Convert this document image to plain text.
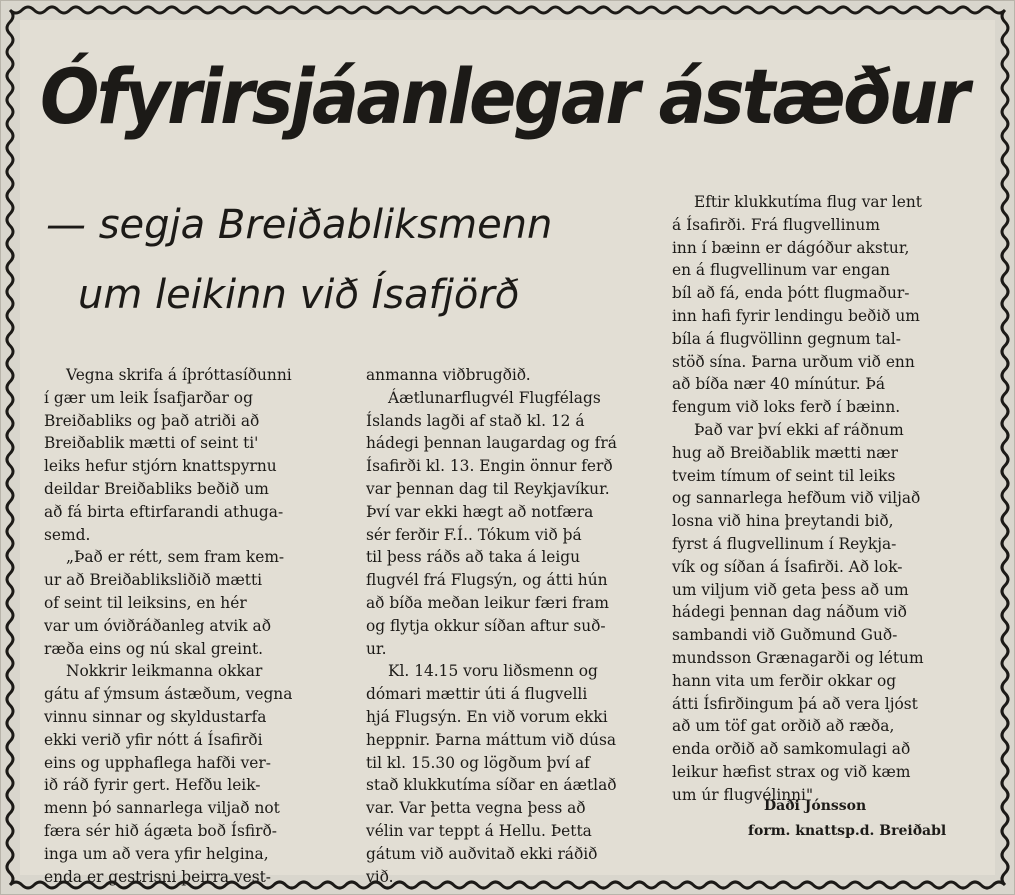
Ófyrirsjáanlegar ástæður
— segja Breiðabliksmenn
um leikinn við Ísafjörð
Vegna skrifa á íþróttasíðunni
í gær um leik Ísafjarðar og
Breiðabliks og það atriði að
Breiðablik mætti of seint ti'
leiks hefur stjórn knattspyrnu
deildar Breiðabliks beðið um
að fá birta eftirfarandi athuga-
semd.
„Það er rétt, sem fram kem-
ur að Breiðabliksliðið mætti
of seint til leiksins, en hér
var um óviðráðanleg atvik að
ræða eins og nú skal greint.
Nokkrir leikmanna okkar
gátu af ýmsum ástæðum, vegna
vinnu sinnar og skyldustarfa
ekki verið yfir nótt á Ísafirði
eins og upphaflega hafði ver-
ið ráð fyrir gert. Hefðu leik-
menn þó sannarlega viljað not
færa sér hið ágæta boð Ísfirð-
inga um að vera yfir helgina,
enda er gestrisni þeirra vest-
anmanna viðbrugðið.
Áætlunarflugvél Flugfélags
Íslands lagði af stað kl. 12 á
hádegi þennan laugardag og frá
Ísafirði kl. 13. Engin önnur ferð
var þennan dag til Reykjavíkur.
Því var ekki hægt að notfæra
sér ferðir F.Í.. Tókum við þá
til þess ráðs að taka á leigu
flugvél frá Flugsýn, og átti hún
að bíða meðan leikur færi fram
og flytja okkur síðan aftur suð-
ur.
Kl. 14.15 voru liðsmenn og
dómari mættir úti á flugvelli
hjá Flugsýn. En við vorum ekki
heppnir. Þarna máttum við dúsa
til kl. 15.30 og lögðum því af
stað klukkutíma síðar en áætlað
var. Var þetta vegna þess að
vélin var teppt á Hellu. Þetta
gátum við auðvitað ekki ráðið
við.
Eftir klukkutíma flug var lent
á Ísafirði. Frá flugvellinum
inn í bæinn er dágóður akstur,
en á flugvellinum var engan
bíl að fá, enda þótt flugmaður-
inn hafi fyrir lendingu beðið um
bíla á flugvöllinn gegnum tal-
stöð sína. Þarna urðum við enn
að bíða nær 40 mínútur. Þá
fengum við loks ferð í bæinn.
Það var því ekki af ráðnum
hug að Breiðablik mætti nær
tveim tímum of seint til leiks
og sannarlega hefðum við viljað
losna við hina þreytandi bið,
fyrst á flugvellinum í Reykja-
vík og síðan á Ísafirði. Að lok-
um viljum við geta þess að um
hádegi þennan dag náðum við
sambandi við Guðmund Guð-
mundsson Grænagarði og létum
hann vita um ferðir okkar og
átti Ísfirðingum þá að vera ljóst
að um töf gat orðið að ræða,
enda orðið að samkomulagi að
leikur hæfist strax og við kæm
um úr flugvélinni"
Daði Jónsson
form. knattsp.d. Breiðabl
